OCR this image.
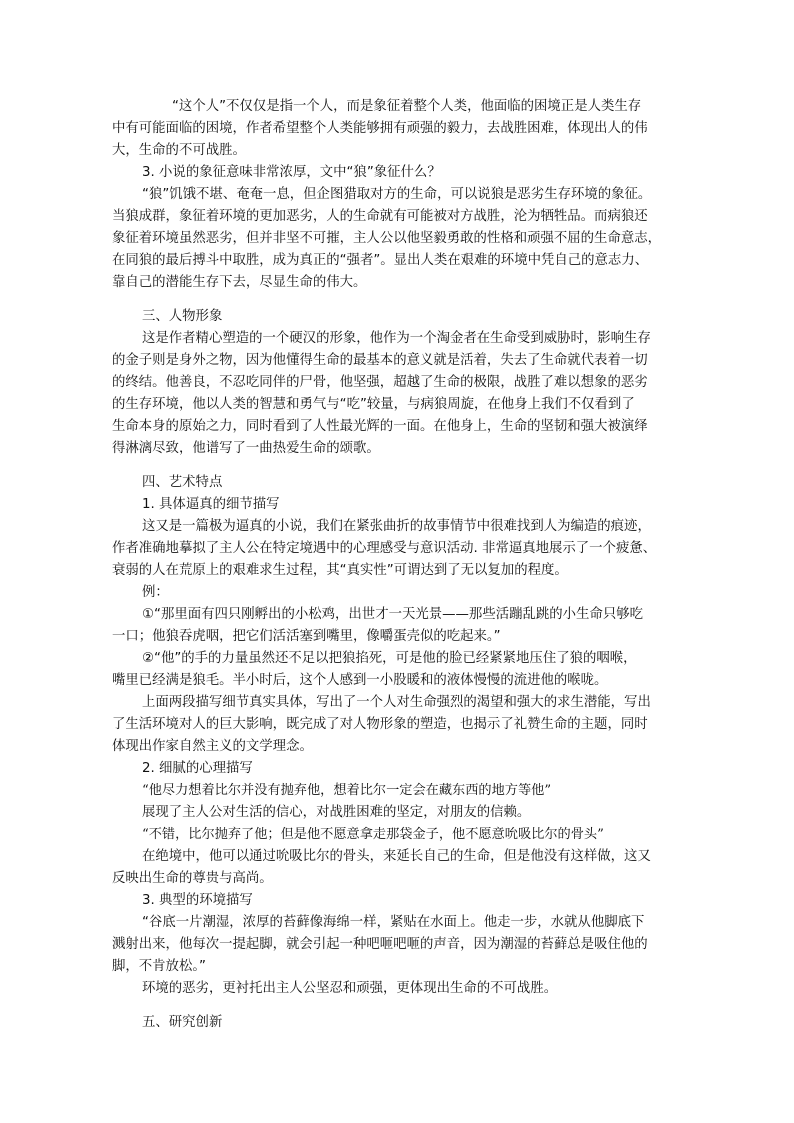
“这个人”不仅仅是指一个人，而是象征着整个人类，他面临的困境正是人类生存
中有可能面临的困境，作者希望整个人类能够拥有顽强的毅力，去战胜困难，体现出人的伟
大，生命的不可战胜。
3. 小说的象征意味非常浓厚，文中“狼”象征什么？
“狼”饥饿不堪、奄奄一息，但企图猎取对方的生命，可以说狼是恶劣生存环境的象征。
当狼成群，象征着环境的更加恶劣，人的生命就有可能被对方战胜，沦为牺牲品。而病狼还
象征着环境虽然恶劣，但并非坚不可摧，主人公以他坚毅勇敢的性格和顽强不屈的生命意志，
在同狼的最后搏斗中取胜，成为真正的“强者”。显出人类在艰难的环境中凭自己的意志力、
靠自己的潜能生存下去，尽显生命的伟大。
三、人物形象
这是作者精心塑造的一个硬汉的形象，他作为一个淘金者在生命受到威胁时，影响生存
的金子则是身外之物，因为他懂得生命的最基本的意义就是活着，失去了生命就代表着一切
的终结。他善良，不忍吃同伴的尸骨，他坚强，超越了生命的极限，战胜了难以想象的恶劣
的生存环境，他以人类的智慧和勇气与“吃”较量，与病狼周旋，在他身上我们不仅看到了
生命本身的原始之力，同时看到了人性最光辉的一面。在他身上，生命的坚韧和强大被演绎
得淋漓尽致，他谱写了一曲热爱生命的颂歌。
四、艺术特点
1. 具体逼真的细节描写
这又是一篇极为逼真的小说，我们在紧张曲折的故事情节中很难找到人为编造的痕迹，
作者准确地摹拟了主人公在特定境遇中的心理感受与意识活动. 非常逼真地展示了一个疲惫、
衰弱的人在荒原上的艰难求生过程，其“真实性”可谓达到了无以复加的程度。
例：
①“那里面有四只刚孵出的小松鸡，出世才一天光景——那些活蹦乱跳的小生命只够吃
一口；他狼吞虎咽，把它们活活塞到嘴里，像嚼蛋壳似的吃起来。”
②“他”的手的力量虽然还不足以把狼掐死，可是他的脸已经紧紧地压住了狼的咽喉，
嘴里已经满是狼毛。半小时后，这个人感到一小股暖和的液体慢慢的流进他的喉咙。
上面两段描写细节真实具体，写出了一个人对生命强烈的渴望和强大的求生潜能，写出
了生活环境对人的巨大影响，既完成了对人物形象的塑造，也揭示了礼赞生命的主题，同时
体现出作家自然主义的文学理念。
2. 细腻的心理描写
“他尽力想着比尔并没有抛弃他，想着比尔一定会在藏东西的地方等他”
展现了主人公对生活的信心，对战胜困难的坚定，对朋友的信赖。
“不错，比尔抛弃了他；但是他不愿意拿走那袋金子，他不愿意吮吸比尔的骨头”
在绝境中，他可以通过吮吸比尔的骨头，来延长自己的生命，但是他没有这样做，这又
反映出生命的尊贵与高尚。
3. 典型的环境描写
“谷底一片潮湿，浓厚的苔藓像海绵一样，紧贴在水面上。他走一步，水就从他脚底下
溅射出来，他每次一提起脚，就会引起一种吧咂吧咂的声音，因为潮湿的苔藓总是吸住他的
脚，不肯放松。”
环境的恶劣，更衬托出主人公坚忍和顽强，更体现出生命的不可战胜。
五、研究创新
